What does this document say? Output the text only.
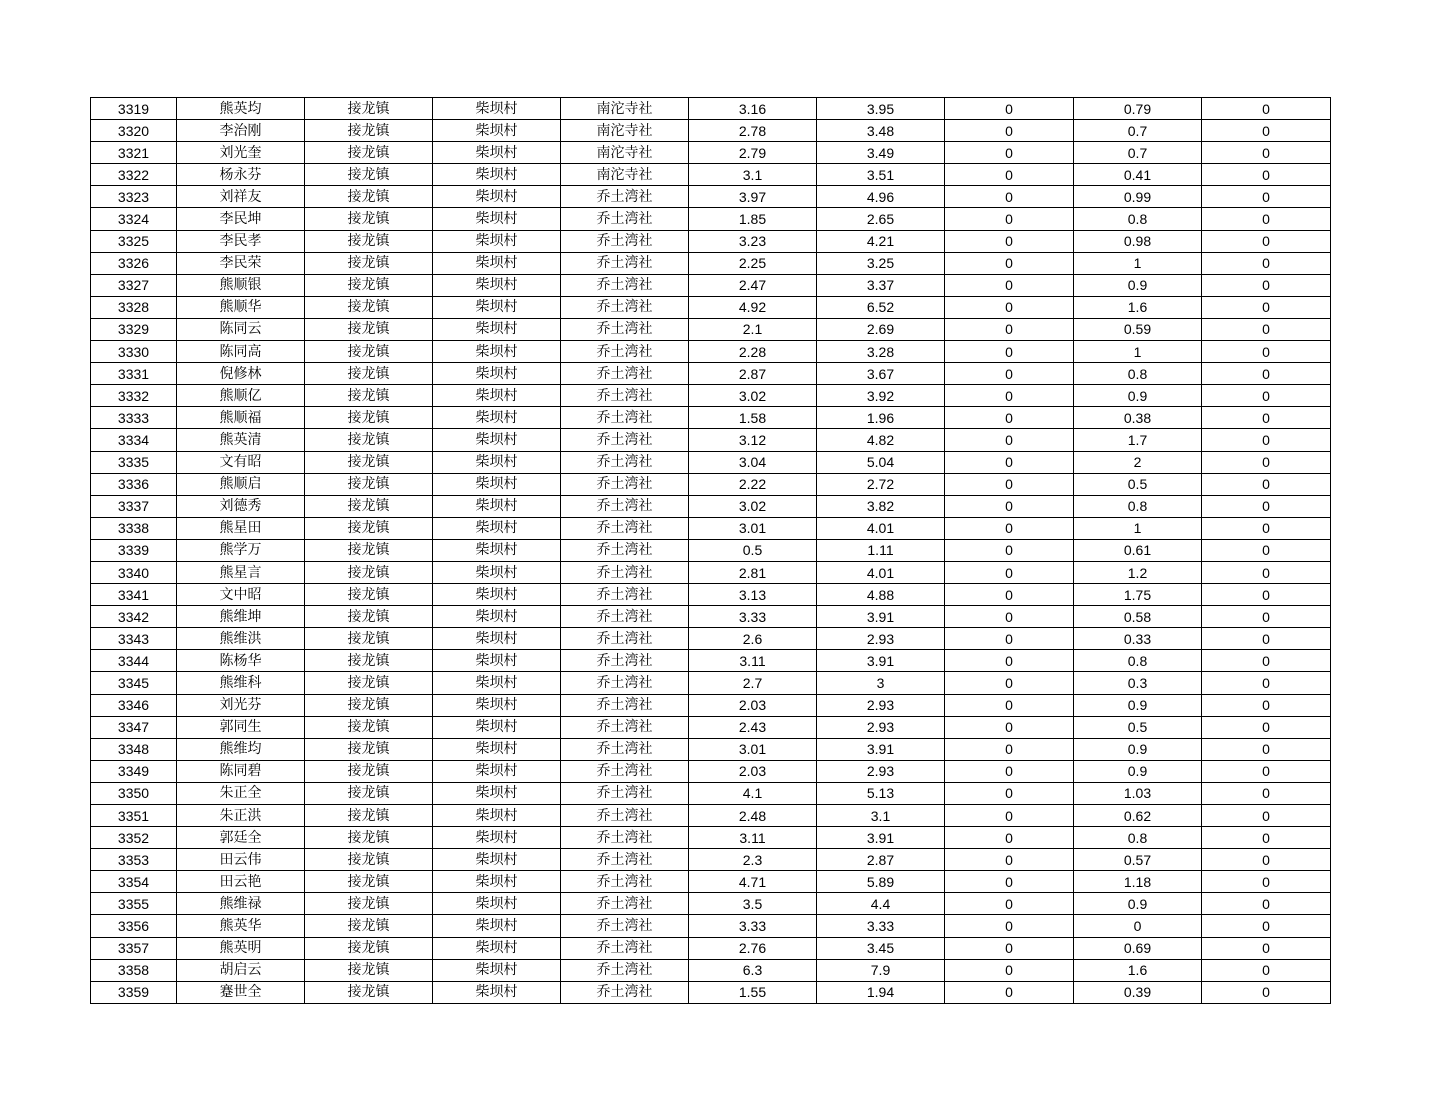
3319	熊英均	接龙镇	柴坝村	南沱寺社	3.16	3.95	0	0.79	0
3320	李治刚	接龙镇	柴坝村	南沱寺社	2.78	3.48	0	0.7	0
3321	刘光奎	接龙镇	柴坝村	南沱寺社	2.79	3.49	0	0.7	0
3322	杨永芬	接龙镇	柴坝村	南沱寺社	3.1	3.51	0	0.41	0
3323	刘祥友	接龙镇	柴坝村	乔土湾社	3.97	4.96	0	0.99	0
3324	李民坤	接龙镇	柴坝村	乔土湾社	1.85	2.65	0	0.8	0
3325	李民孝	接龙镇	柴坝村	乔土湾社	3.23	4.21	0	0.98	0
3326	李民荣	接龙镇	柴坝村	乔土湾社	2.25	3.25	0	1	0
3327	熊顺银	接龙镇	柴坝村	乔土湾社	2.47	3.37	0	0.9	0
3328	熊顺华	接龙镇	柴坝村	乔土湾社	4.92	6.52	0	1.6	0
3329	陈同云	接龙镇	柴坝村	乔土湾社	2.1	2.69	0	0.59	0
3330	陈同高	接龙镇	柴坝村	乔土湾社	2.28	3.28	0	1	0
3331	倪修林	接龙镇	柴坝村	乔土湾社	2.87	3.67	0	0.8	0
3332	熊顺亿	接龙镇	柴坝村	乔土湾社	3.02	3.92	0	0.9	0
3333	熊顺福	接龙镇	柴坝村	乔土湾社	1.58	1.96	0	0.38	0
3334	熊英清	接龙镇	柴坝村	乔土湾社	3.12	4.82	0	1.7	0
3335	文有昭	接龙镇	柴坝村	乔土湾社	3.04	5.04	0	2	0
3336	熊顺启	接龙镇	柴坝村	乔土湾社	2.22	2.72	0	0.5	0
3337	刘德秀	接龙镇	柴坝村	乔土湾社	3.02	3.82	0	0.8	0
3338	熊星田	接龙镇	柴坝村	乔土湾社	3.01	4.01	0	1	0
3339	熊学万	接龙镇	柴坝村	乔土湾社	0.5	1.11	0	0.61	0
3340	熊星言	接龙镇	柴坝村	乔土湾社	2.81	4.01	0	1.2	0
3341	文中昭	接龙镇	柴坝村	乔土湾社	3.13	4.88	0	1.75	0
3342	熊维坤	接龙镇	柴坝村	乔土湾社	3.33	3.91	0	0.58	0
3343	熊维洪	接龙镇	柴坝村	乔土湾社	2.6	2.93	0	0.33	0
3344	陈杨华	接龙镇	柴坝村	乔土湾社	3.11	3.91	0	0.8	0
3345	熊维科	接龙镇	柴坝村	乔土湾社	2.7	3	0	0.3	0
3346	刘光芬	接龙镇	柴坝村	乔土湾社	2.03	2.93	0	0.9	0
3347	郭同生	接龙镇	柴坝村	乔土湾社	2.43	2.93	0	0.5	0
3348	熊维均	接龙镇	柴坝村	乔土湾社	3.01	3.91	0	0.9	0
3349	陈同碧	接龙镇	柴坝村	乔土湾社	2.03	2.93	0	0.9	0
3350	朱正全	接龙镇	柴坝村	乔土湾社	4.1	5.13	0	1.03	0
3351	朱正洪	接龙镇	柴坝村	乔土湾社	2.48	3.1	0	0.62	0
3352	郭廷全	接龙镇	柴坝村	乔土湾社	3.11	3.91	0	0.8	0
3353	田云伟	接龙镇	柴坝村	乔土湾社	2.3	2.87	0	0.57	0
3354	田云艳	接龙镇	柴坝村	乔土湾社	4.71	5.89	0	1.18	0
3355	熊维禄	接龙镇	柴坝村	乔土湾社	3.5	4.4	0	0.9	0
3356	熊英华	接龙镇	柴坝村	乔土湾社	3.33	3.33	0	0	0
3357	熊英明	接龙镇	柴坝村	乔土湾社	2.76	3.45	0	0.69	0
3358	胡启云	接龙镇	柴坝村	乔土湾社	6.3	7.9	0	1.6	0
3359	蹇世全	接龙镇	柴坝村	乔土湾社	1.55	1.94	0	0.39	0
